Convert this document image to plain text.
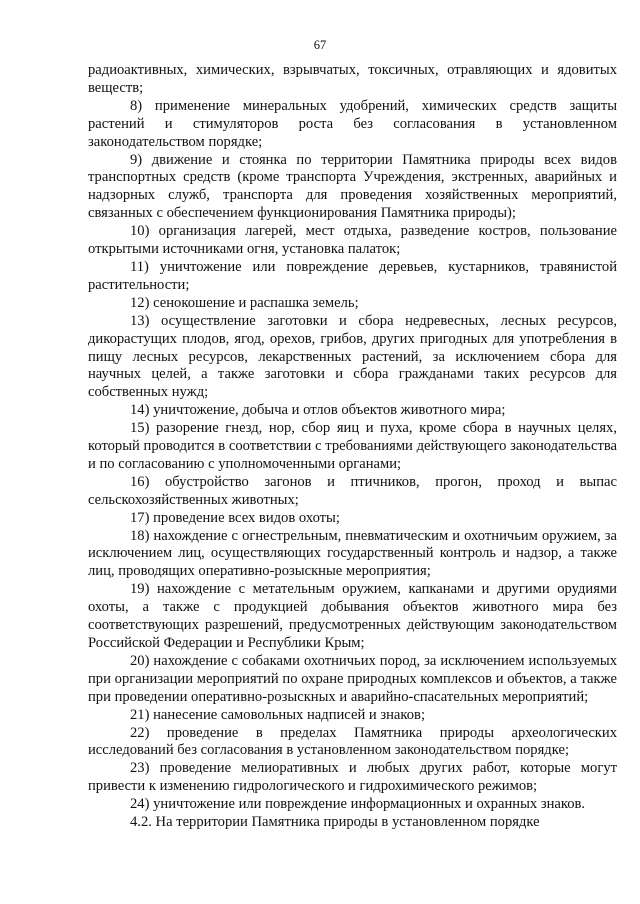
67

радиоактивных, химических, взрывчатых, токсичных, отравляющих и ядовитых веществ;

8) применение минеральных удобрений, химических средств защиты растений и стимуляторов роста без согласования в установленном законодательством порядке;

9) движение и стоянка по территории Памятника природы всех видов транспортных средств (кроме транспорта Учреждения, экстренных, аварийных и надзорных служб, транспорта для проведения хозяйственных мероприятий, связанных с обеспечением функционирования Памятника природы);

10) организация лагерей, мест отдыха, разведение костров, пользование открытыми источниками огня, установка палаток;

11) уничтожение или повреждение деревьев, кустарников, травянистой растительности;

12) сенокошение и распашка земель;

13) осуществление заготовки и сбора недревесных, лесных ресурсов, дикорастущих плодов, ягод, орехов, грибов, других пригодных для употребления в пищу лесных ресурсов, лекарственных растений, за исключением сбора для научных целей, а также заготовки и сбора гражданами таких ресурсов для собственных нужд;

14) уничтожение, добыча и отлов объектов животного мира;

15) разорение гнезд, нор, сбор яиц и пуха, кроме сбора в научных целях, который проводится в соответствии с требованиями действующего законодательства и по согласованию с уполномоченными органами;

16) обустройство загонов и птичников, прогон, проход и выпас сельскохозяйственных животных;

17) проведение всех видов охоты;

18) нахождение с огнестрельным, пневматическим и охотничьим оружием, за исключением лиц, осуществляющих государственный контроль и надзор, а также лиц, проводящих оперативно-розыскные мероприятия;

19) нахождение с метательным оружием, капканами и другими орудиями охоты, а также с продукцией добывания объектов животного мира без соответствующих разрешений, предусмотренных действующим законодательством Российской Федерации и Республики Крым;

20) нахождение с собаками охотничьих пород, за исключением используемых при организации мероприятий по охране природных комплексов и объектов, а также при проведении оперативно-розыскных и аварийно-спасательных мероприятий;

21) нанесение самовольных надписей и знаков;

22) проведение в пределах Памятника природы археологических исследований без согласования в установленном законодательством порядке;

23) проведение мелиоративных и любых других работ, которые могут привести к изменению гидрологического и гидрохимического режимов;

24) уничтожение или повреждение информационных и охранных знаков.

4.2. На территории Памятника природы в установленном порядке
